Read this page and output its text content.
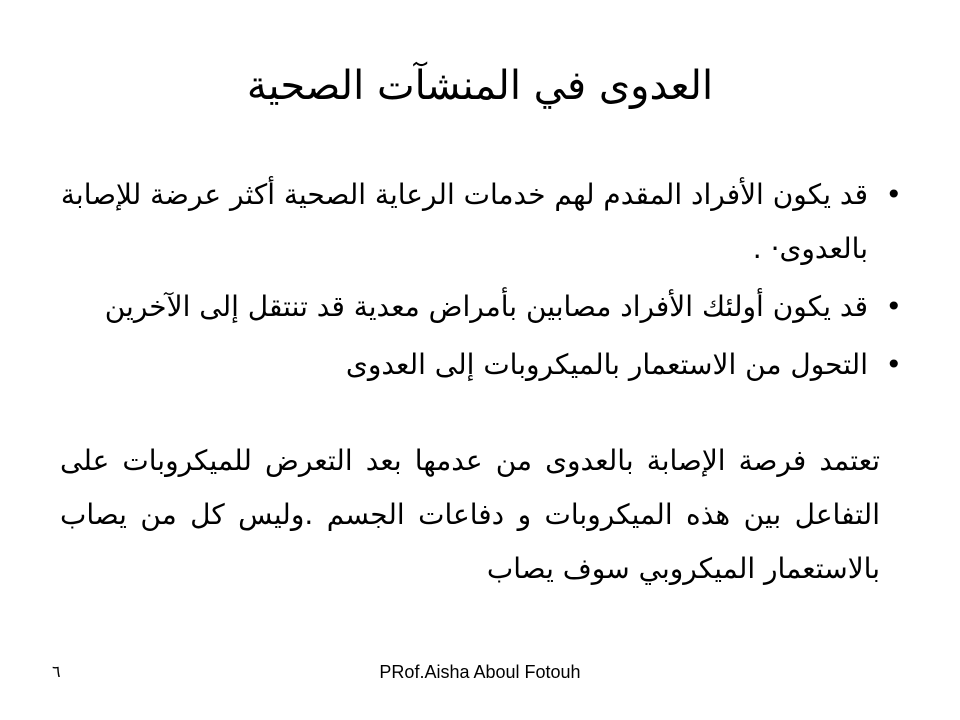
العدوى في المنشآت الصحية
•
قد يكون الأفراد المقدم لهم خدمات الرعاية الصحية أكثر عرضة للإصابة بالعدوى· .
•
قد يكون أولئك الأفراد مصابين بأمراض معدية قد تنتقل إلى الآخرين
•
التحول من الاستعمار بالميكروبات إلى العدوى

تعتمد فرصة الإصابة بالعدوى من عدمها بعد التعرض للميكروبات على التفاعل بين هذه الميكروبات و دفاعات الجسم .وليس كل من يصاب بالاستعمار الميكروبي سوف يصاب

٦	PRof.Aisha Aboul Fotouh
